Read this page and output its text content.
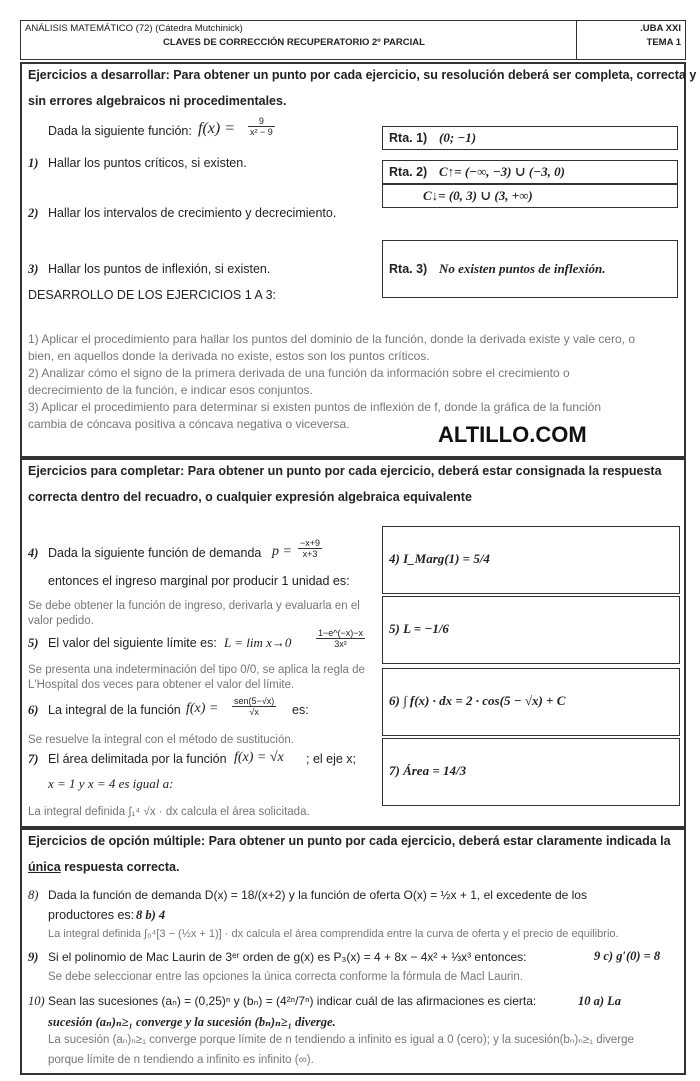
ANÁLISIS MATEMÁTICO (72) (Cátedra Mutchinick)
CLAVES DE CORRECCIÓN RECUPERATORIO 2º PARCIAL
.UBA XXI
TEMA 1
Ejercicios a desarrollar: Para obtener un punto por cada ejercicio, su resolución deberá ser completa, correcta y
sin errores algebraicos ni procedimentales.
Dada la siguiente función: $f(x) = \frac{9}{\text{x² − 9}}$
1) Hallar los puntos críticos, si existen.
2) Hallar los intervalos de crecimiento y decrecimiento.
3) Hallar los puntos de inflexión, si existen.
DESARROLLO DE LOS EJERCICIOS 1 A 3:
Rta. 1) (0; −1)
Rta. 2) C↑= (−∞, −3) ∪ (−3, 0)
C↓= (0, 3) ∪ (3, +∞)
Rta. 3) No existen puntos de inflexión.
1) Aplicar el procedimiento para hallar los puntos del dominio de la función, donde la derivada existe y vale cero, o
bien, en aquellos donde la derivada no existe, estos son los puntos críticos.
2) Analizar cómo el signo de la primera derivada de una función da información sobre el crecimiento o
decrecimiento de la función, e indicar esos conjuntos.
3) Aplicar el procedimiento para determinar si existen puntos de inflexión de f, donde la gráfica de la función
cambia de cóncava positiva a cóncava negativa o viceversa.	ALTILLO.COM
Ejercicios para completar: Para obtener un punto por cada ejercicio, deberá estar consignada la respuesta
correcta dentro del recuadro, o cualquier expresión algebraica equivalente
4) Dada la siguiente función de demanda $p = \frac{-x+9}{x+3}$
entonces el ingreso marginal por producir 1 unidad es:
Se debe obtener la función de ingreso, derivarla y evaluarla en el
valor pedido.
5) El valor del siguiente límite es: L = lim x→0	$\frac{1-e\^{}(-x)-x}{\text{3x²}}$
Se presenta una indeterminación del tipo 0/0, se aplica la regla de
L'Hospital dos veces para obtener el valor del límite.
6) La integral de la función f(x) = sen(5−√x)
√x	es:
Se resuelve la integral con el método de sustitución.
7) El área delimitada por la función f(x) = √x ; el eje x;
x = 1 y x = 4 es igual a:
La integral definida ∫₁⁴ √x · dx calcula el área solicitada.
4) I_Marg(1) = 5/4
5) L = −1/6
6) ∫ f(x) · dx = 2 · cos(5 − √x) + C
7) Área = 14/3
Ejercicios de opción múltiple: Para obtener un punto por cada ejercicio, deberá estar claramente indicada la
única respuesta correcta.
8) Dada la función de demanda D(x) = 18/(x+2) y la función de oferta O(x) = ½x + 1, el excedente de los
productores es: 8 b) 4
La integral definida ∫₀⁴[3 − (½x + 1)] · dx calcula el área comprendida entre la curva de oferta y el precio de equilibrio.
9) Si el polinomio de Mac Laurin de 3ᵉʳ orden de g(x) es P₃(x) = 4 + 8x − 4x² + ⅓x³ entonces:	9 c) g′(0) = 8
Se debe seleccionar entre las opciones la única correcta conforme la fórmula de Macl Laurin.
10) Sean las sucesiones (aₙ) = (0,25)ⁿ y (bₙ) = (4²ⁿ/7ⁿ) indicar cuál de las afirmaciones es cierta:	10 a) La
sucesión (aₙ)ₙ≥₁ converge y la sucesión (bₙ)ₙ≥₁ diverge.
La sucesión (aₙ)ₙ≥₁ converge porque límite de n tendiendo a infinito es igual a 0 (cero); y la sucesión(bₙ)ₙ≥₁ diverge
porque límite de n tendiendo a infinito es infinito (∞).
